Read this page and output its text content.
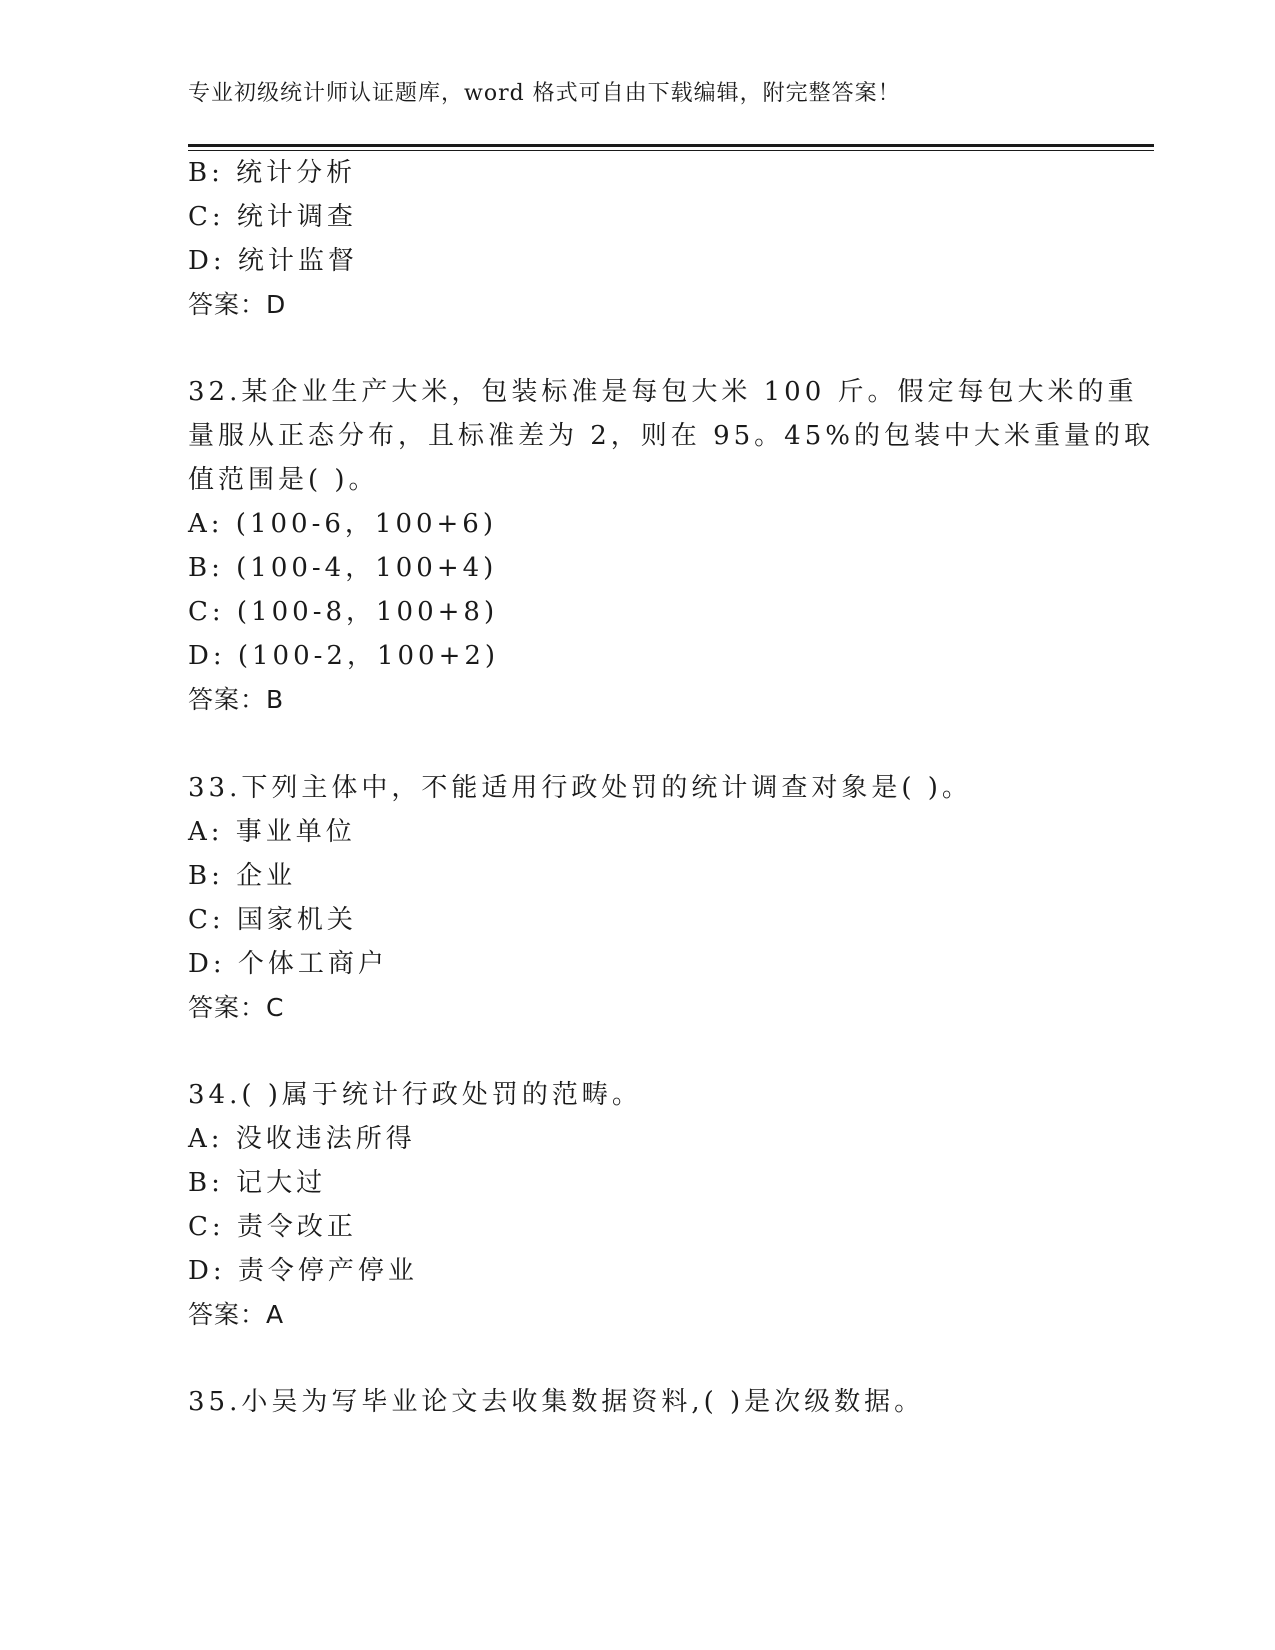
专业初级统计师认证题库，word 格式可自由下载编辑，附完整答案！
B: 统计分析
C: 统计调查
D: 统计监督
答案：D
32.某企业生产大米，包装标准是每包大米 100 斤。假定每包大米的重
量服从正态分布，且标准差为 2，则在 95。45%的包装中大米重量的取
值范围是( )。
A: (100-6，100+6)
B: (100-4，100+4)
C: (100-8，100+8)
D: (100-2，100+2)
答案：B
33.下列主体中，不能适用行政处罚的统计调查对象是( )。
A: 事业单位
B: 企业
C: 国家机关
D: 个体工商户
答案：C
34.( )属于统计行政处罚的范畴。
A: 没收违法所得
B: 记大过
C: 责令改正
D: 责令停产停业
答案：A
35.小吴为写毕业论文去收集数据资料,( )是次级数据。
